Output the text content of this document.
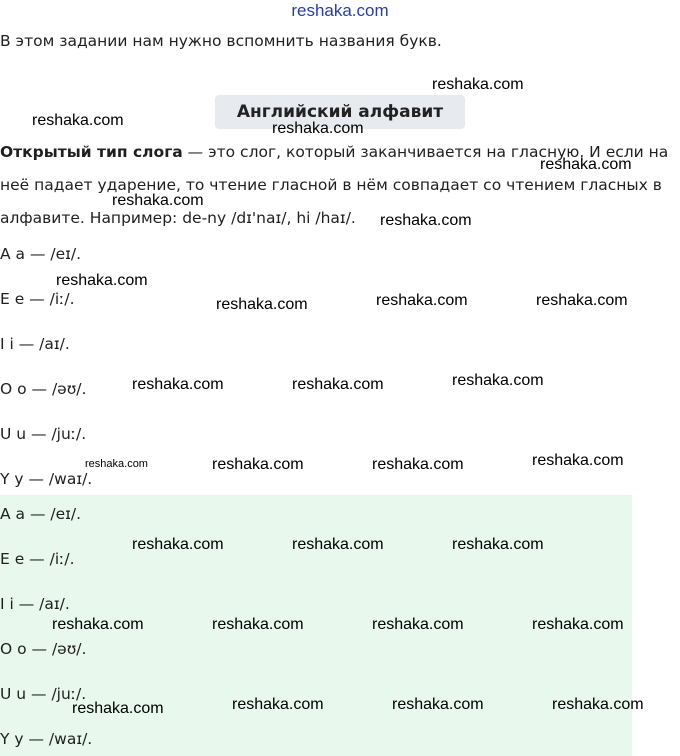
reshaka.com
В этом задании нам нужно вспомнить названия букв.
Английский алфавит
Открытый тип слога — это слог, который заканчивается на гласную. И если на неё падает ударение, то чтение гласной в нём совпадает со чтением гласных в алфавите. Например: de-ny /dɪ'naɪ/, hi /haɪ/.
A a — /eɪ/.
E e — /iː/.
I i — /aɪ/.
O o — /əʊ/.
U u — /juː/.
Y y — /waɪ/.
A a — /eɪ/.
E e — /iː/.
I i — /aɪ/.
O o — /əʊ/.
U u — /juː/.
Y y — /waɪ/.
reshaka.com
reshaka.com	reshaka.com
reshaka.com
reshaka.com
reshaka.com
reshaka.com
reshaka.com	reshaka.com	reshaka.com
reshaka.com	reshaka.com	reshaka.com
reshaka.com	reshaka.com	reshaka.com	reshaka.com
reshaka.com	reshaka.com	reshaka.com
reshaka.com	reshaka.com	reshaka.com	reshaka.com
reshaka.com	reshaka.com	reshaka.com	reshaka.com
